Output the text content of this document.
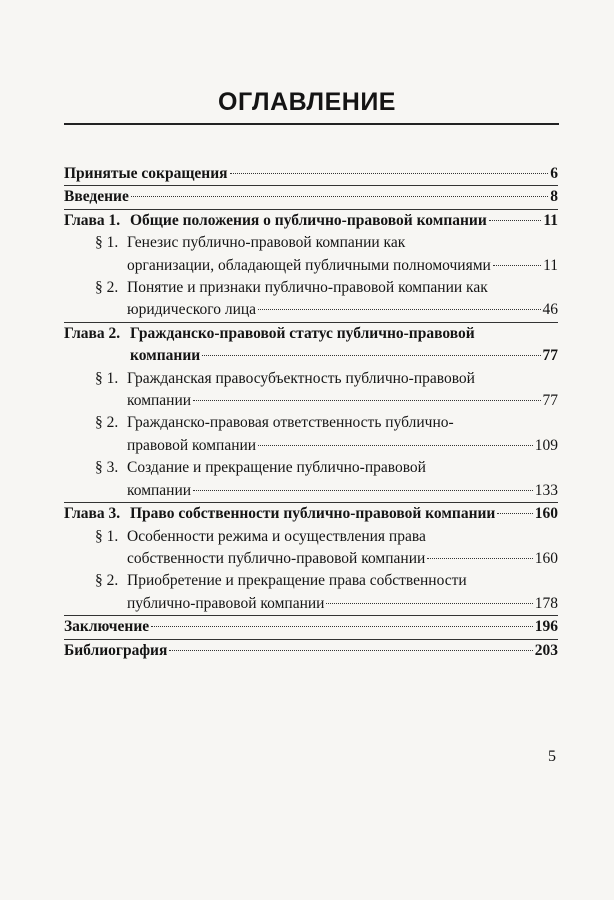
ОГЛАВЛЕНИЕ
Принятые сокращения	6
Введение	8
Глава 1. Общие положения о публично-правовой компании	11
§ 1. Генезис публично-правовой компании как
организации, обладающей публичными полномочиями	11
§ 2. Понятие и признаки публично-правовой компании как
юридического лица	46
Глава 2. Гражданско-правовой статус публично-правовой
компании	77
§ 1. Гражданская правосубъектность публично-правовой
компании	77
§ 2. Гражданско-правовая ответственность публично-
правовой компании	109
§ 3. Создание и прекращение публично-правовой
компании	133
Глава 3. Право собственности публично-правовой компании	160
§ 1. Особенности режима и осуществления права
собственности публично-правовой компании	160
§ 2. Приобретение и прекращение права собственности
публично-правовой компании	178
Заключение	196
Библиография	203
5
